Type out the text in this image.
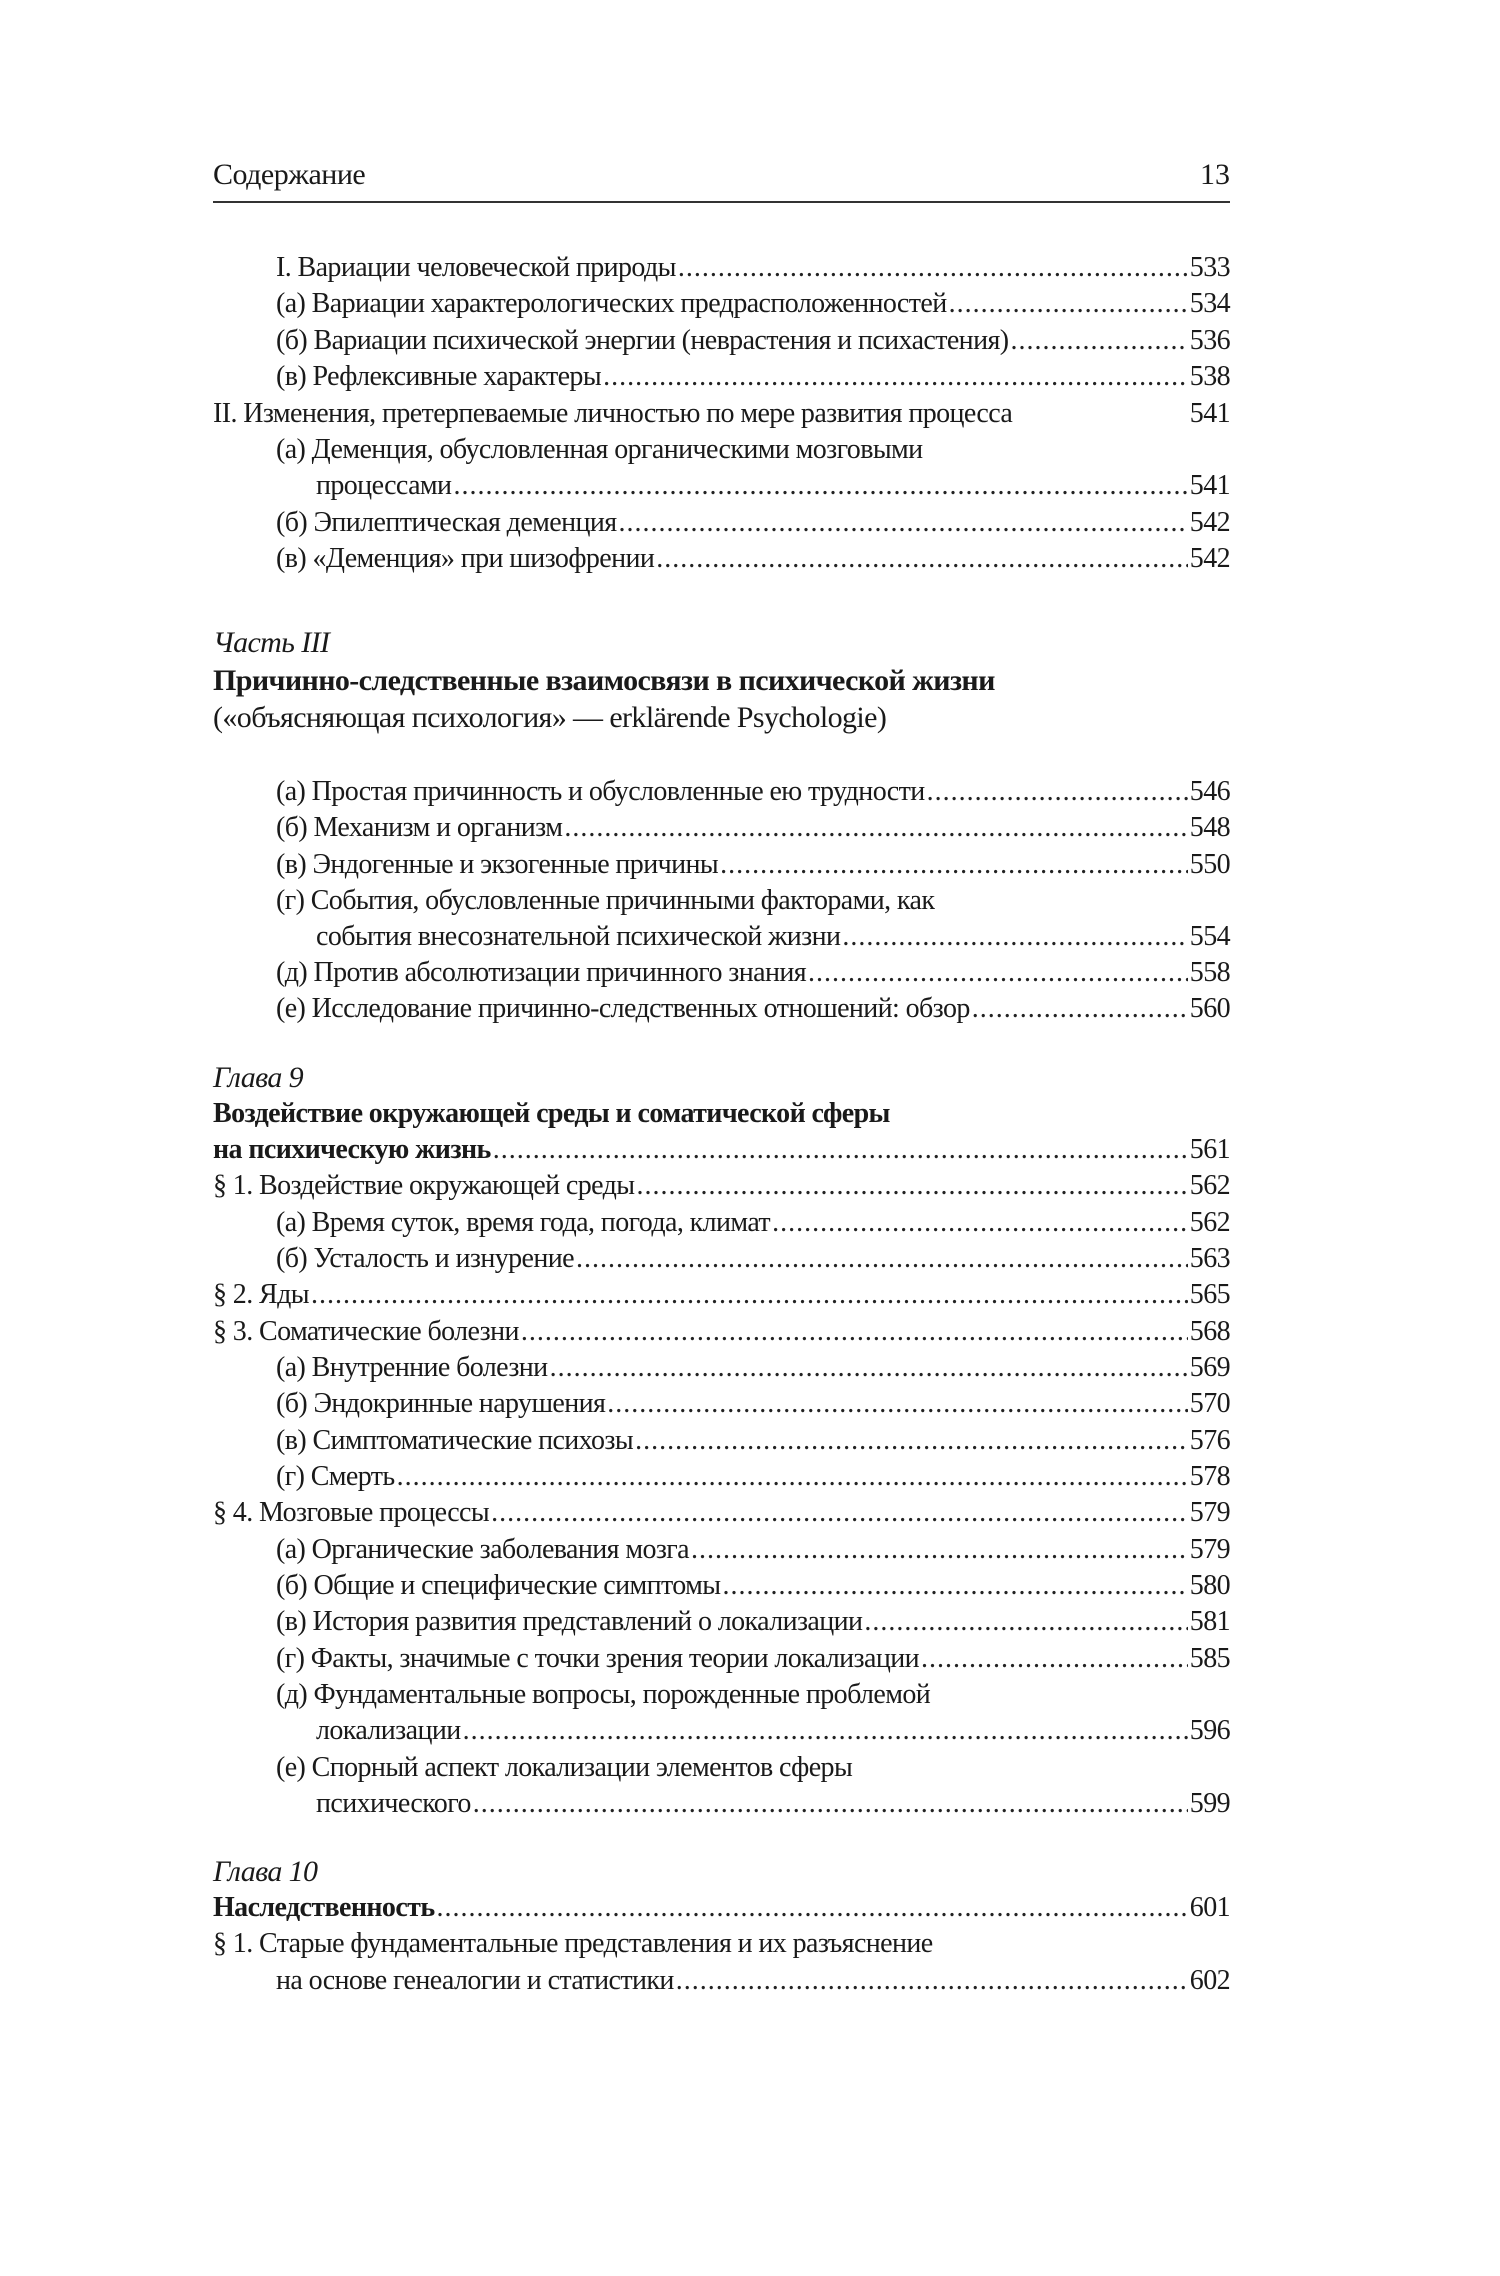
Содержание	13
I. Вариации человеческой природы .....	533
(а) Вариации характерологических предрасположенностей .....	534
(б) Вариации психической энергии (неврастения и психастения) .....	536
(в) Рефлексивные характеры .....	538
II. Изменения, претерпеваемые личностью по мере развития процесса	541
(а) Деменция, обусловленная органическими мозговыми
процессами .....	541
(б) Эпилептическая деменция .....	542
(в) «Деменция» при шизофрении .....	542
Часть III
Причинно-следственные взаимосвязи в психической жизни
(«объясняющая психология» — erklärende Psychologie)
(а) Простая причинность и обусловленные ею трудности .....	546
(б) Механизм и организм .....	548
(в) Эндогенные и экзогенные причины .....	550
(г) События, обусловленные причинными факторами, как
события внесознательной психической жизни .....	554
(д) Против абсолютизации причинного знания .....	558
(е) Исследование причинно-следственных отношений: обзор .....	560
Глава 9
Воздействие окружающей среды и соматической сферы
на психическую жизнь .....	561
§ 1. Воздействие окружающей среды .....	562
(а) Время суток, время года, погода, климат .....	562
(б) Усталость и изнурение .....	563
§ 2. Яды .....	565
§ 3. Соматические болезни .....	568
(а) Внутренние болезни .....	569
(б) Эндокринные нарушения .....	570
(в) Симптоматические психозы .....	576
(г) Смерть .....	578
§ 4. Мозговые процессы .....	579
(а) Органические заболевания мозга .....	579
(б) Общие и специфические симптомы .....	580
(в) История развития представлений о локализации .....	581
(г) Факты, значимые с точки зрения теории локализации .....	585
(д) Фундаментальные вопросы, порожденные проблемой
локализации .....	596
(е) Спорный аспект локализации элементов сферы
психического .....	599
Глава 10
Наследственность .....	601
§ 1. Старые фундаментальные представления и их разъяснение
на основе генеалогии и статистики .....	602
